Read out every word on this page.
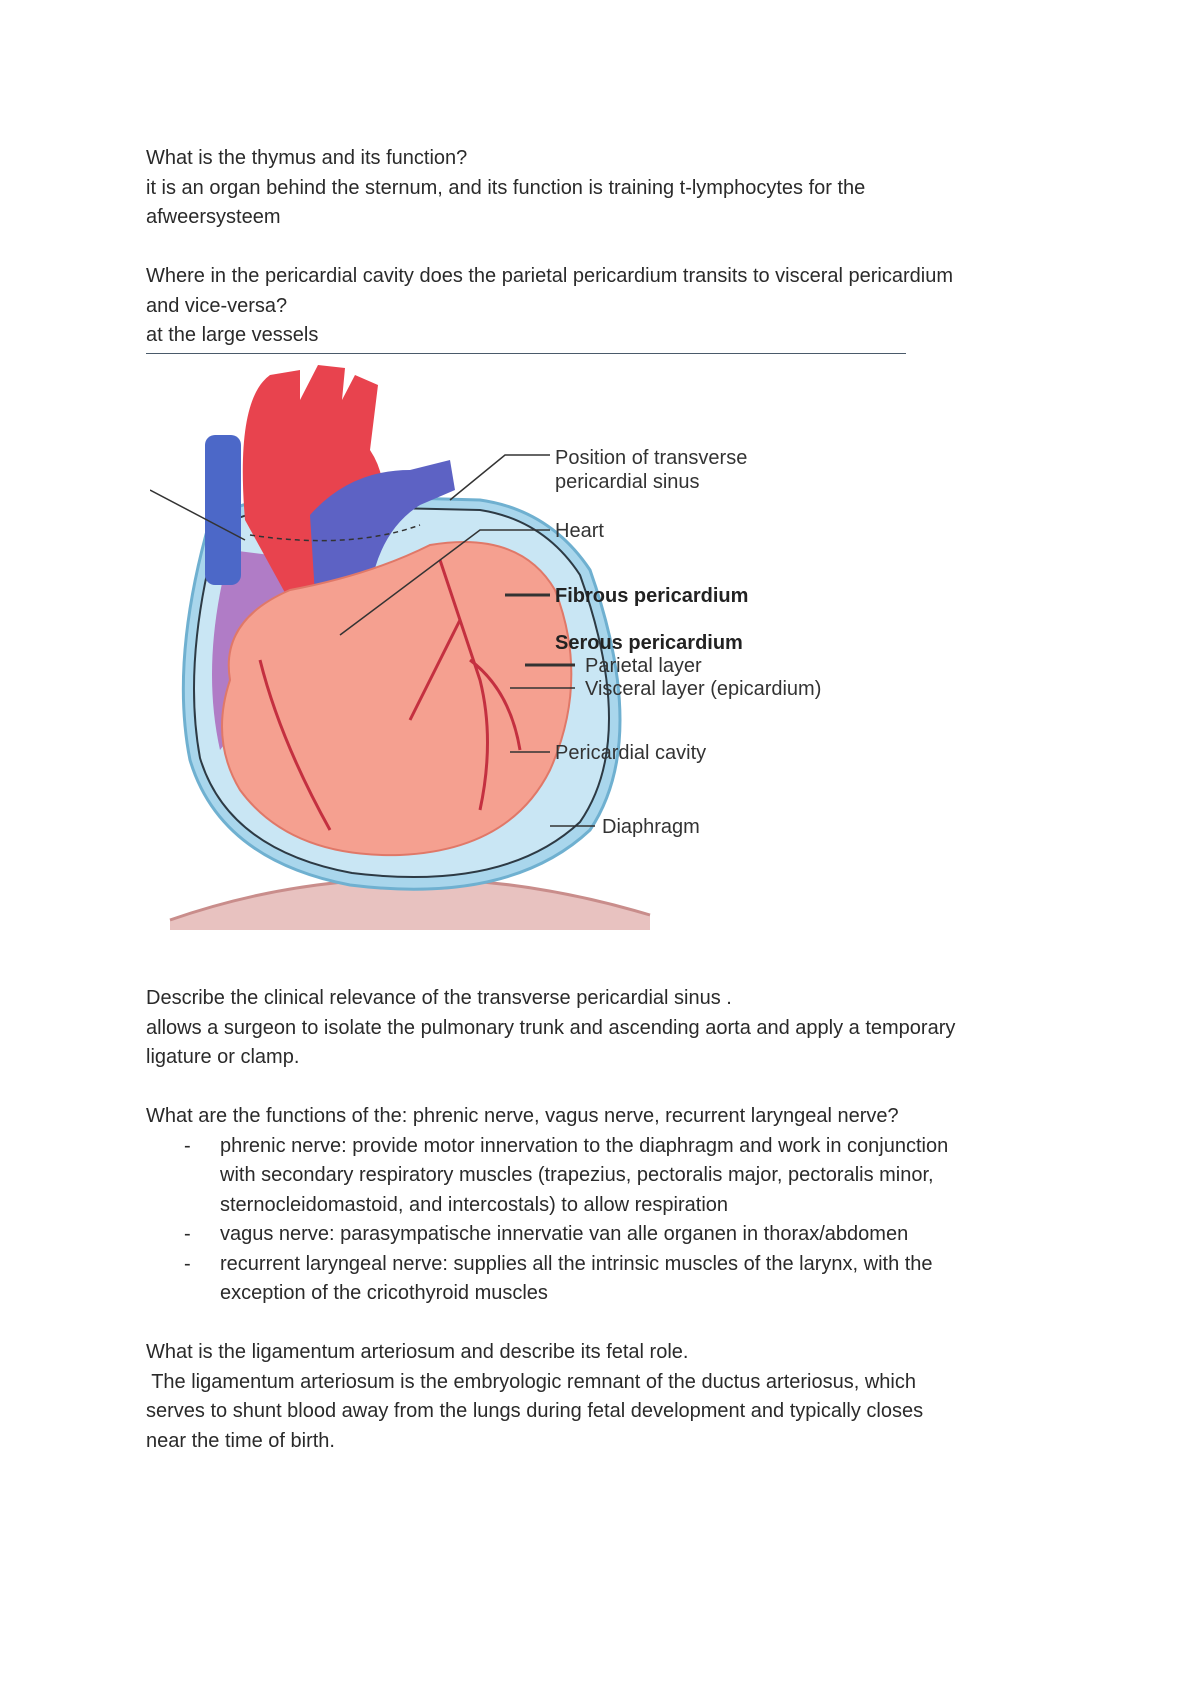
What is the thymus and its function?

it is an organ behind the sternum, and its function is training t-lymphocytes for the

afweersysteem

Where in the pericardial cavity does the parietal pericardium transits to visceral pericardium

and vice-versa?

at the large vessels

Position of transverse
pericardial sinus
Heart
Fibrous pericardium
Serous pericardium
Parietal layer
Visceral layer (epicardium)
Pericardial cavity
Diaphragm

Describe the clinical relevance of the transverse pericardial sinus .

allows a surgeon to isolate the pulmonary trunk and ascending aorta and apply a temporary

ligature or clamp.

What are the functions of the: phrenic nerve, vagus nerve, recurrent laryngeal nerve?

- phrenic nerve: provide motor innervation to the diaphragm and work in conjunction
with secondary respiratory muscles (trapezius, pectoralis major, pectoralis minor,
sternocleidomastoid, and intercostals) to allow respiration
- vagus nerve: parasympatische innervatie van alle organen in thorax/abdomen
- recurrent laryngeal nerve: supplies all the intrinsic muscles of the larynx, with the
exception of the cricothyroid muscles

What is the ligamentum arteriosum and describe its fetal role.

The ligamentum arteriosum is the embryologic remnant of the ductus arteriosus, which

serves to shunt blood away from the lungs during fetal development and typically closes

near the time of birth.
